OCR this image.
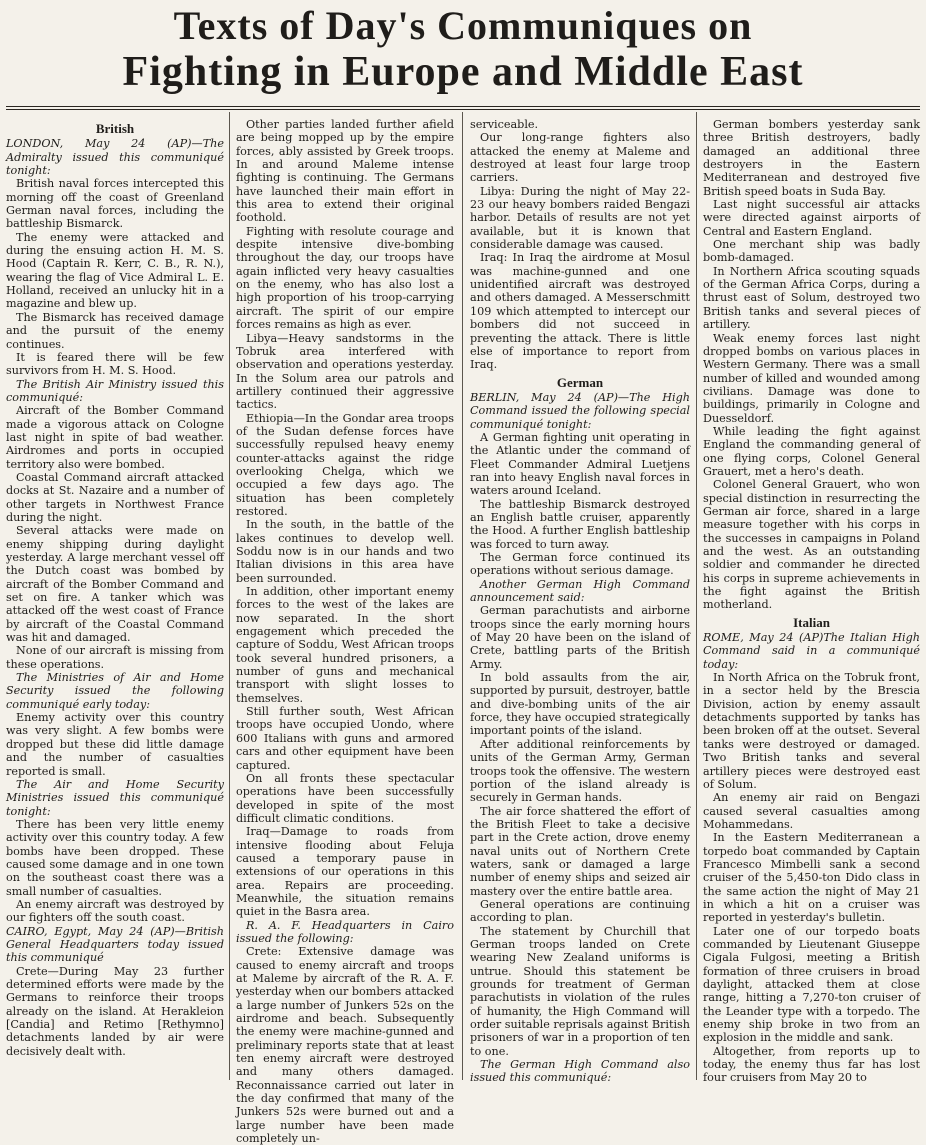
Texts of Day's Communiques on
Fighting in Europe and Middle East
British

LONDON, May 24 (AP)—The Admiralty issued this communiqué tonight:

British naval forces intercepted this morning off the coast of Greenland German naval forces, including the battleship Bismarck.

The enemy were attacked and during the ensuing action H. M. S. Hood (Captain R. Kerr, C. B., R. N.), wearing the flag of Vice Admiral L. E. Holland, received an unlucky hit in a magazine and blew up.

The Bismarck has received damage and the pursuit of the enemy continues.

It is feared there will be few survivors from H. M. S. Hood.

The British Air Ministry issued this communiqué:

Aircraft of the Bomber Command made a vigorous attack on Cologne last night in spite of bad weather. Airdromes and ports in occupied territory also were bombed.

Coastal Command aircraft attacked docks at St. Nazaire and a number of other targets in Northwest France during the night.

Several attacks were made on enemy shipping during daylight yesterday. A large merchant vessel off the Dutch coast was bombed by aircraft of the Bomber Command and set on fire. A tanker which was attacked off the west coast of France by aircraft of the Coastal Command was hit and damaged.

None of our aircraft is missing from these operations.

The Ministries of Air and Home Security issued the following communiqué early today:

Enemy activity over this country was very slight. A few bombs were dropped but these did little damage and the number of casualties reported is small.

The Air and Home Security Ministries issued this communiqué tonight:

There has been very little enemy activity over this country today. A few bombs have been dropped. These caused some damage and in one town on the southeast coast there was a small number of casualties.

An enemy aircraft was destroyed by our fighters off the south coast.

CAIRO, Egypt, May 24 (AP)—British General Headquarters today issued this communiqué

Crete—During May 23 further determined efforts were made by the Germans to reinforce their troops already on the island. At Herakleion [Candia] and Retimo [Rethymno] detachments landed by air were decisively dealt with.

Other parties landed further afield are being mopped up by the empire forces, ably assisted by Greek troops. In and around Maleme intense fighting is continuing. The Germans have launched their main effort in this area to extend their original foothold.

Fighting with resolute courage and despite intensive dive-bombing throughout the day, our troops have again inflicted very heavy casualties on the enemy, who has also lost a high proportion of his troop-carrying aircraft. The spirit of our empire forces remains as high as ever.

Libya—Heavy sandstorms in the Tobruk area interfered with observation and operations yesterday. In the Solum area our patrols and artillery continued their aggressive tactics.

Ethiopia—In the Gondar area troops of the Sudan defense forces have successfully repulsed heavy enemy counter-attacks against the ridge overlooking Chelga, which we occupied a few days ago. The situation has been completely restored.

In the south, in the battle of the lakes continues to develop well. Soddu now is in our hands and two Italian divisions in this area have been surrounded.

In addition, other important enemy forces to the west of the lakes are now separated. In the short engagement which preceded the capture of Soddu, West African troops took several hundred prisoners, a number of guns and mechanical transport with slight losses to themselves.

Still further south, West African troops have occupied Uondo, where 600 Italians with guns and armored cars and other equipment have been captured.

On all fronts these spectacular operations have been successfully developed in spite of the most difficult climatic conditions.

Iraq—Damage to roads from intensive flooding about Feluja caused a temporary pause in extensions of our operations in this area. Repairs are proceeding. Meanwhile, the situation remains quiet in the Basra area.

R. A. F. Headquarters in Cairo issued the following:

Crete: Extensive damage was caused to enemy aircraft and troops at Maleme by aircraft of the R. A. F. yesterday when our bombers attacked a large number of Junkers 52s on the airdrome and beach. Subsequently the enemy were machine-gunned and preliminary reports state that at least ten enemy aircraft were destroyed and many others damaged. Reconnaissance carried out later in the day confirmed that many of the Junkers 52s were burned out and a large number have been made completely un-

serviceable.

Our long-range fighters also attacked the enemy at Maleme and destroyed at least four large troop carriers.

Libya: During the night of May 22-23 our heavy bombers raided Bengazi harbor. Details of results are not yet available, but it is known that considerable damage was caused.

Iraq: In Iraq the airdrome at Mosul was machine-gunned and one unidentified aircraft was destroyed and others damaged. A Messerschmitt 109 which attempted to intercept our bombers did not succeed in preventing the attack. There is little else of importance to report from Iraq.

German

BERLIN, May 24 (AP)—The High Command issued the following special communiqué tonight:

A German fighting unit operating in the Atlantic under the command of Fleet Commander Admiral Luetjens ran into heavy English naval forces in waters around Iceland.

The battleship Bismarck destroyed an English battle cruiser, apparently the Hood. A further English battleship was forced to turn away.

The German force continued its operations without serious damage.

Another German High Command announcement said:

German parachutists and airborne troops since the early morning hours of May 20 have been on the island of Crete, battling parts of the British Army.

In bold assaults from the air, supported by pursuit, destroyer, battle and dive-bombing units of the air force, they have occupied strategically important points of the island.

After additional reinforcements by units of the German Army, German troops took the offensive. The western portion of the island already is securely in German hands.

The air force shattered the effort of the British Fleet to take a decisive part in the Crete action, drove enemy naval units out of Northern Crete waters, sank or damaged a large number of enemy ships and seized air mastery over the entire battle area.

General operations are continuing according to plan.

The statement by Churchill that German troops landed on Crete wearing New Zealand uniforms is untrue. Should this statement be grounds for treatment of German parachutists in violation of the rules of humanity, the High Command will order suitable reprisals against British prisoners of war in a proportion of ten to one.

The German High Command also issued this communiqué:

German bombers yesterday sank three British destroyers, badly damaged an additional three destroyers in the Eastern Mediterranean and destroyed five British speed boats in Suda Bay.

Last night successful air attacks were directed against airports of Central and Eastern England.

One merchant ship was badly bomb-damaged.

In Northern Africa scouting squads of the German Africa Corps, during a thrust east of Solum, destroyed two British tanks and several pieces of artillery.

Weak enemy forces last night dropped bombs on various places in Western Germany. There was a small number of killed and wounded among civilians. Damage was done to buildings, primarily in Cologne and Duesseldorf.

While leading the fight against England the commanding general of one flying corps, Colonel General Grauert, met a hero's death.

Colonel General Grauert, who won special distinction in resurrecting the German air force, shared in a large measure together with his corps in the successes in campaigns in Poland and the west. As an outstanding soldier and commander he directed his corps in supreme achievements in the fight against the British motherland.

Italian

ROME, May 24 (AP)The Italian High Command said in a communiqué today:

In North Africa on the Tobruk front, in a sector held by the Brescia Division, action by enemy assault detachments supported by tanks has been broken off at the outset. Several tanks were destroyed or damaged. Two British tanks and several artillery pieces were destroyed east of Solum.

An enemy air raid on Bengazi caused several casualties among Mohammedans.

In the Eastern Mediterranean a torpedo boat commanded by Captain Francesco Mimbelli sank a second cruiser of the 5,450-ton Dido class in the same action the night of May 21 in which a hit on a cruiser was reported in yesterday's bulletin.

Later one of our torpedo boats commanded by Lieutenant Giuseppe Cigala Fulgosi, meeting a British formation of three cruisers in broad daylight, attacked them at close range, hitting a 7,270-ton cruiser of the Leander type with a torpedo. The enemy ship broke in two from an explosion in the middle and sank.

Altogether, from reports up to today, the enemy thus far has lost four cruisers from May 20 to
